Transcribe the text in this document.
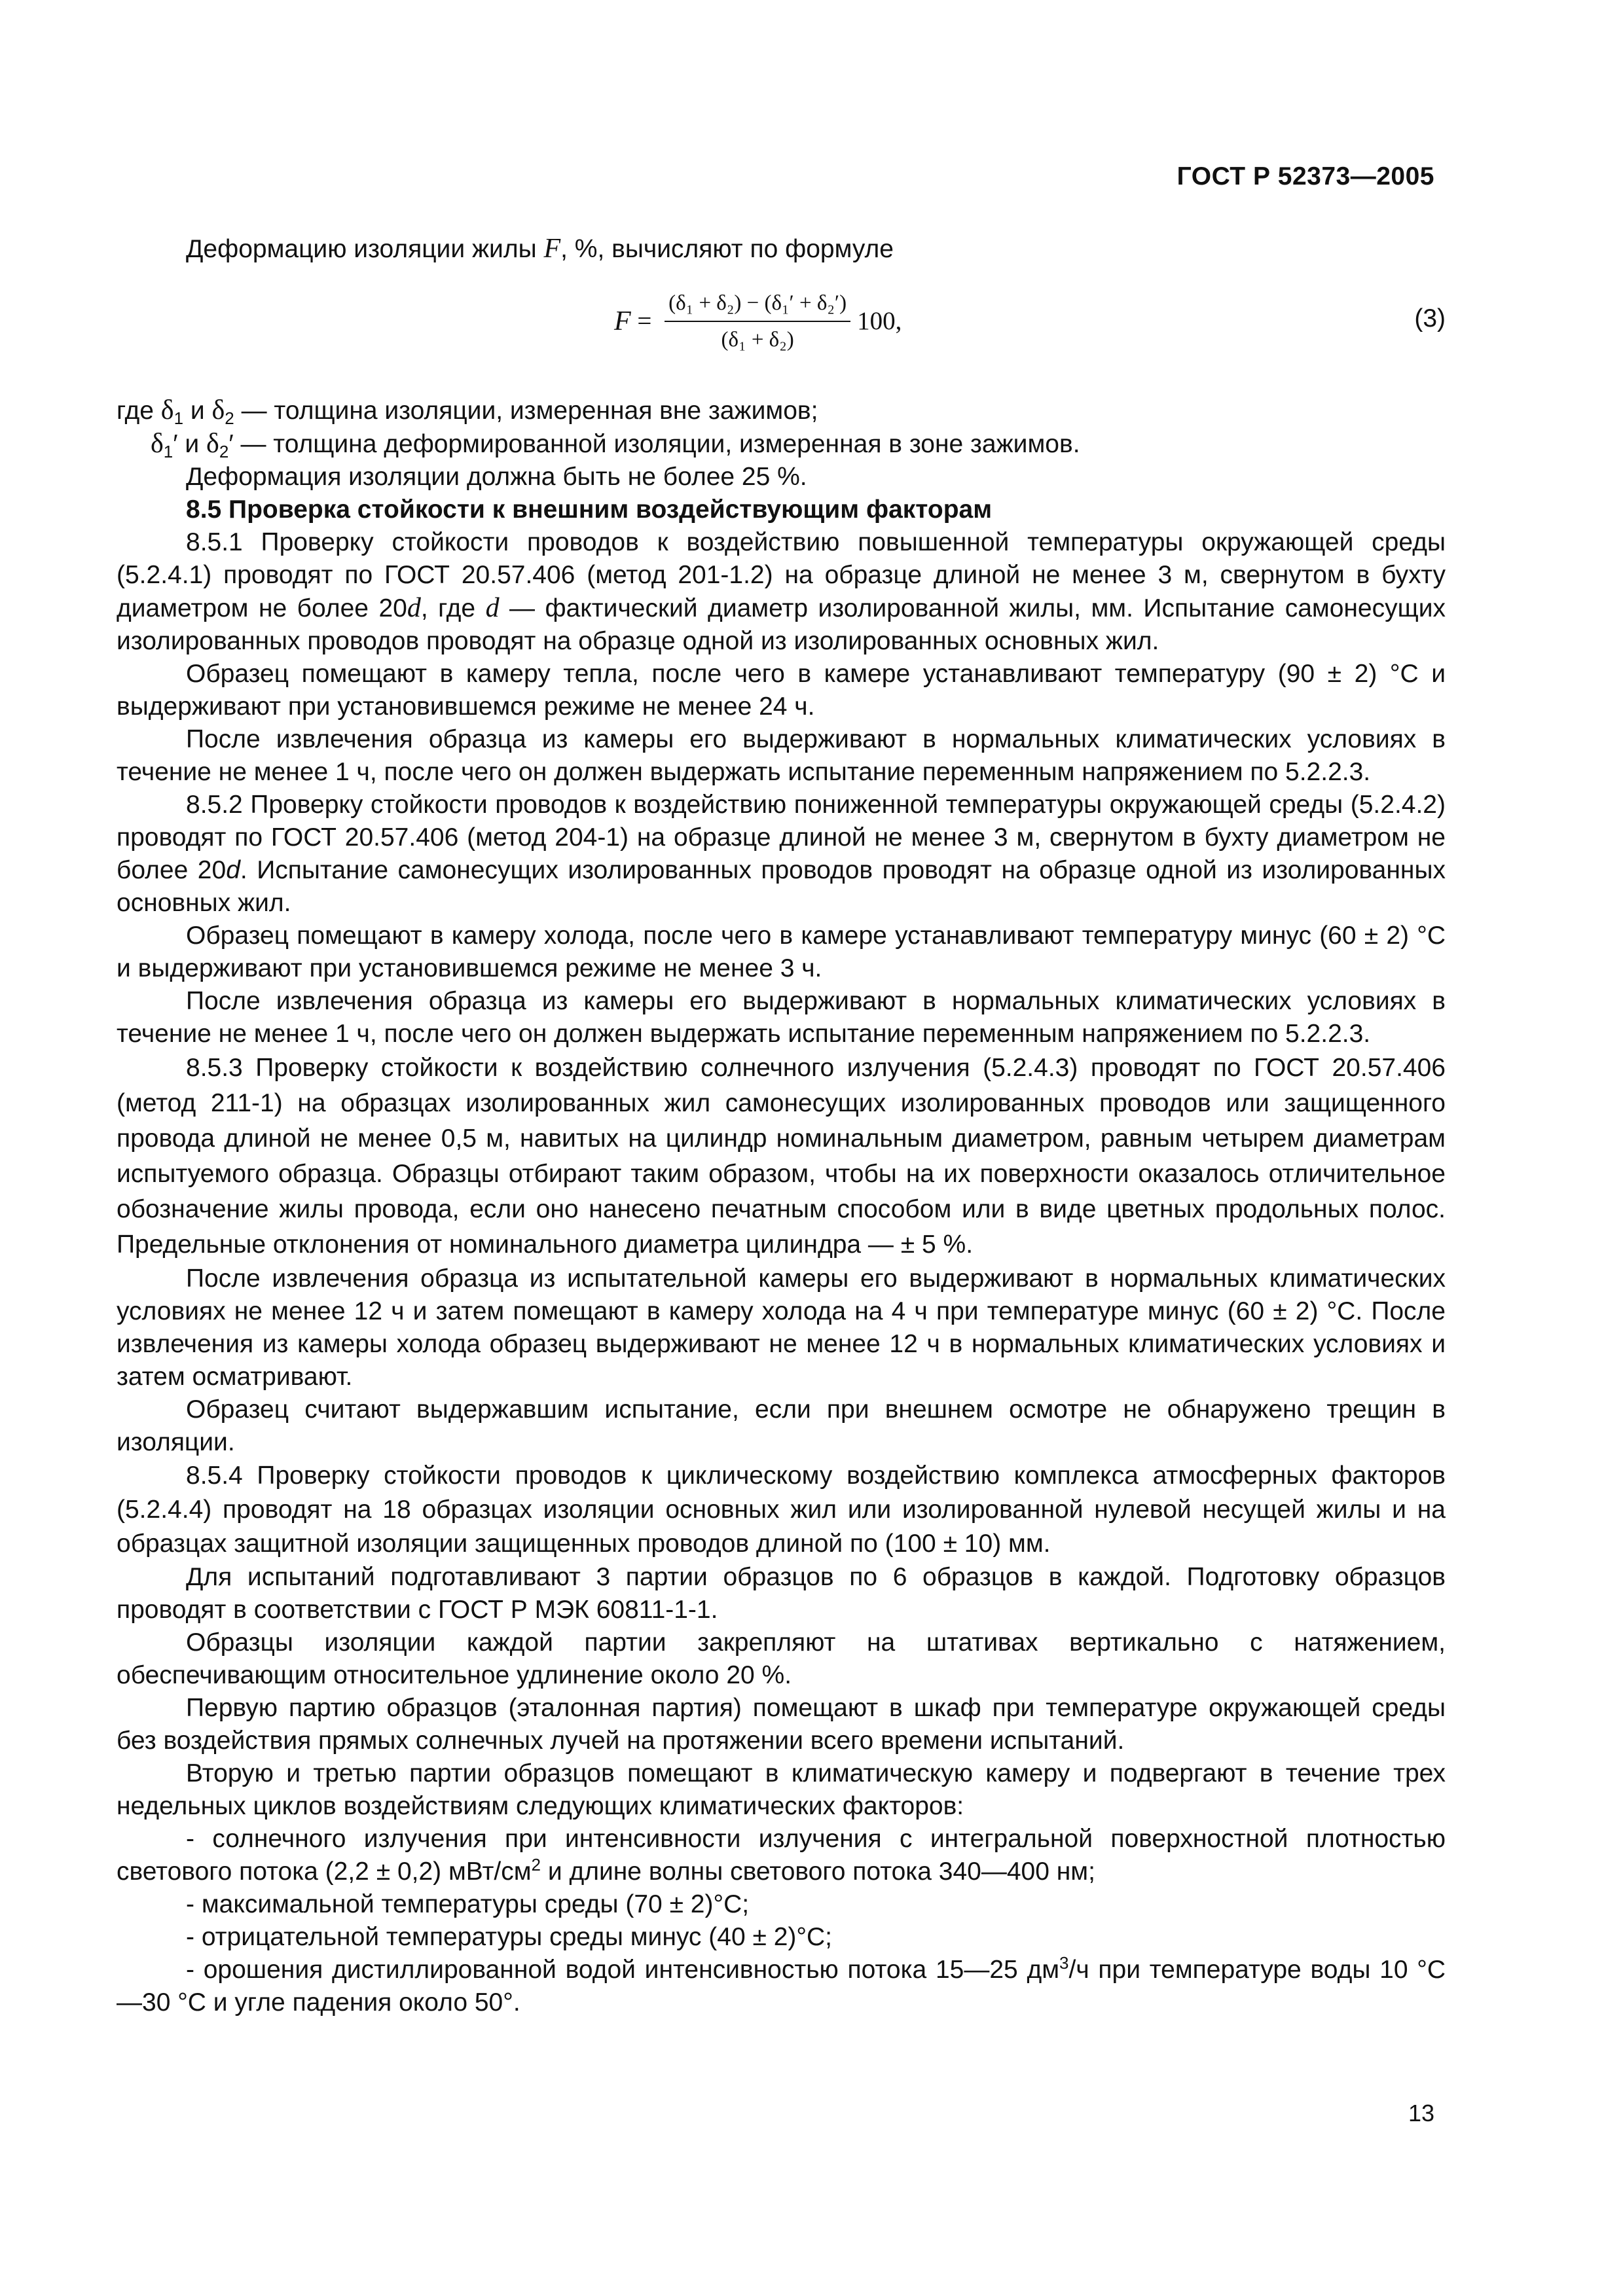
ГОСТ Р 52373—2005

Деформацию изоляции жилы F, %, вычисляют по формуле

$F = \frac{\text{(δ₁ + δ₂) − (δ₁′ + δ₂′)}}{\text{(δ₁ + δ₂)}} 100$,	(3)

где $\delta_1$ и $\delta_2$ — толщина изоляции, измеренная вне зажимов;

$\delta_1'$ и $\delta_2'$ — толщина деформированной изоляции, измеренная в зоне зажимов.

Деформация изоляции должна быть не более 25 %.

8.5 Проверка стойкости к внешним воздействующим факторам

8.5.1 Проверку стойкости проводов к воздействию повышенной температуры окружающей среды (5.2.4.1) проводят по ГОСТ 20.57.406 (метод 201-1.2) на образце длиной не менее 3 м, свернутом в бухту диаметром не более 20d, где d — фактический диаметр изолированной жилы, мм. Испытание самонесущих изолированных проводов проводят на образце одной из изолированных основных жил.

Образец помещают в камеру тепла, после чего в камере устанавливают температуру (90 ± 2) °С и выдерживают при установившемся режиме не менее 24 ч.

После извлечения образца из камеры его выдерживают в нормальных климатических условиях в течение не менее 1 ч, после чего он должен выдержать испытание переменным напряжением по 5.2.2.3.

8.5.2 Проверку стойкости проводов к воздействию пониженной температуры окружающей среды (5.2.4.2) проводят по ГОСТ 20.57.406 (метод 204-1) на образце длиной не менее 3 м, свернутом в бухту диаметром не более 20d. Испытание самонесущих изолированных проводов проводят на образце одной из изолированных основных жил.

Образец помещают в камеру холода, после чего в камере устанавливают температуру минус (60 ± 2) °С и выдерживают при установившемся режиме не менее 3 ч.

После извлечения образца из камеры его выдерживают в нормальных климатических условиях в течение не менее 1 ч, после чего он должен выдержать испытание переменным напряжением по 5.2.2.3.

8.5.3 Проверку стойкости к воздействию солнечного излучения (5.2.4.3) проводят по ГОСТ 20.57.406 (метод 211-1) на образцах изолированных жил самонесущих изолированных проводов или защищенного провода длиной не менее 0,5 м, навитых на цилиндр номинальным диаметром, равным четырем диаметрам испытуемого образца. Образцы отбирают таким образом, чтобы на их поверхности оказалось отличительное обозначение жилы провода, если оно нанесено печатным способом или в виде цветных продольных полос. Предельные отклонения от номинального диаметра цилиндра — ± 5 %.

После извлечения образца из испытательной камеры его выдерживают в нормальных климатических условиях не менее 12 ч и затем помещают в камеру холода на 4 ч при температуре минус (60 ± 2) °С. После извлечения из камеры холода образец выдерживают не менее 12 ч в нормальных климатических условиях и затем осматривают.

Образец считают выдержавшим испытание, если при внешнем осмотре не обнаружено трещин в изоляции.

8.5.4 Проверку стойкости проводов к циклическому воздействию комплекса атмосферных факторов (5.2.4.4) проводят на 18 образцах изоляции основных жил или изолированной нулевой несущей жилы и на образцах защитной изоляции защищенных проводов длиной по (100 ± 10) мм.

Для испытаний подготавливают 3 партии образцов по 6 образцов в каждой. Подготовку образцов проводят в соответствии с ГОСТ Р МЭК 60811-1-1.

Образцы изоляции каждой партии закрепляют на штативах вертикально с натяжением, обеспечивающим относительное удлинение около 20 %.

Первую партию образцов (эталонная партия) помещают в шкаф при температуре окружающей среды без воздействия прямых солнечных лучей на протяжении всего времени испытаний.

Вторую и третью партии образцов помещают в климатическую камеру и подвергают в течение трех недельных циклов воздействиям следующих климатических факторов:

- солнечного излучения при интенсивности излучения с интегральной поверхностной плотностью светового потока (2,2 ± 0,2) мВт/$см^2$ и длине волны светового потока 340—400 нм;

- максимальной температуры среды (70 ± 2)°С;

- отрицательной температуры среды минус (40 ± 2)°С;

- орошения дистиллированной водой интенсивностью потока 15—25 $дм^3/ч$ при температуре воды 10 °С—30 °С и угле падения около 50°.

13
